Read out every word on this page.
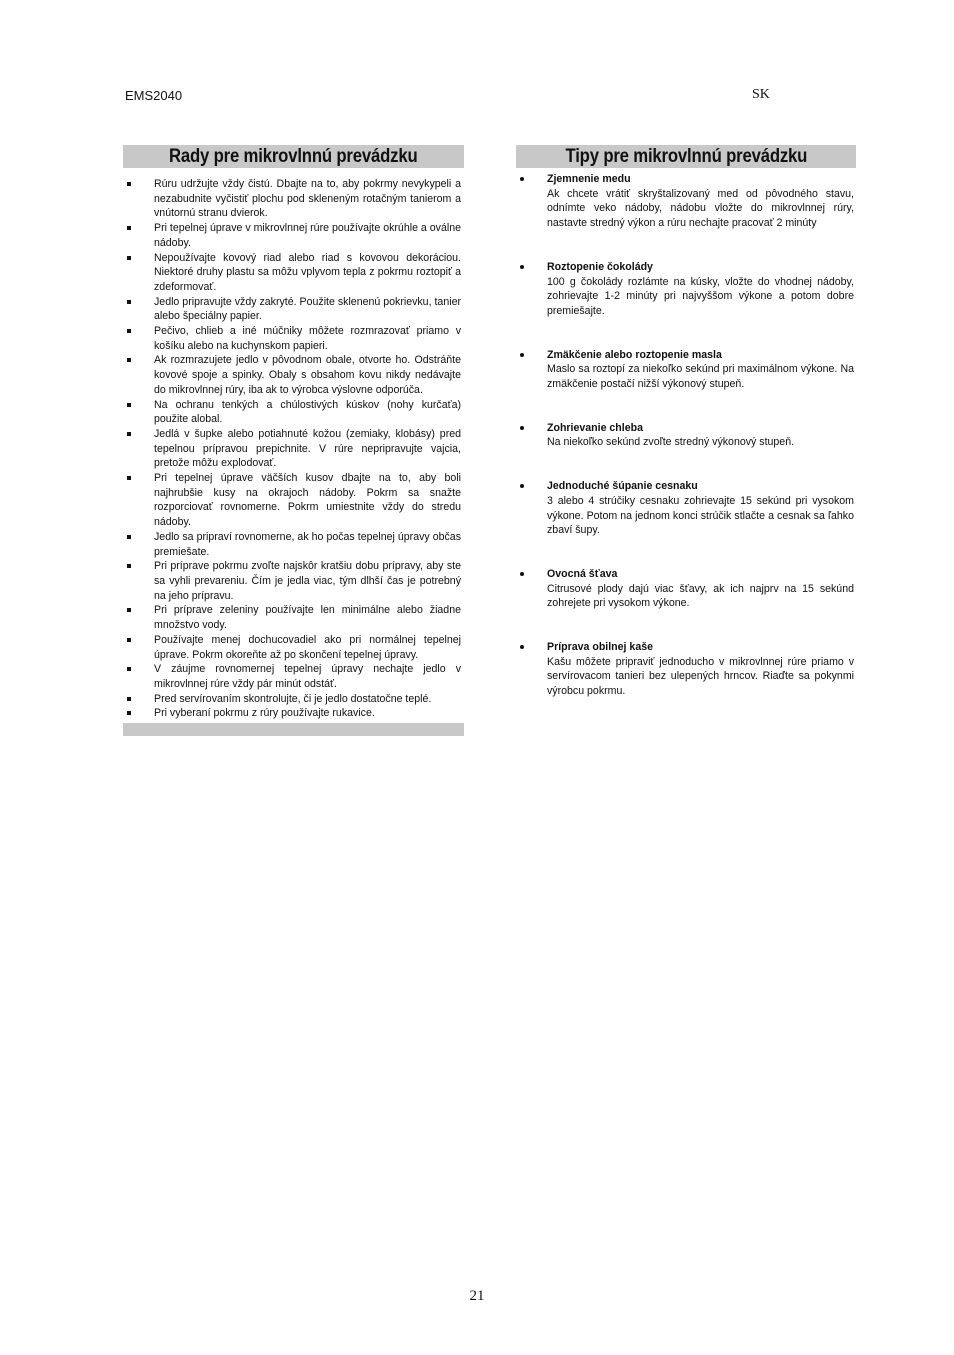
EMS2040	SK
Rady pre mikrovlnnú prevádzku
Rúru udržujte vždy čistú. Dbajte na to, aby pokrmy nevykypeli a nezabudnite vyčistiť plochu pod skleneným rotačným tanierom a vnútornú stranu dvierok.
Pri tepelnej úprave v mikrovlnnej rúre používajte okrúhle a oválne nádoby.
Nepoužívajte kovový riad alebo riad s kovovou dekoráciou. Niektoré druhy plastu sa môžu vplyvom tepla z pokrmu roztopiť a zdeformovať.
Jedlo pripravujte vždy zakryté. Použite sklenenú pokrievku, tanier alebo špeciálny papier.
Pečivo, chlieb a iné múčniky môžete rozmrazovať priamo v košíku alebo na kuchynskom papieri.
Ak rozmrazujete jedlo v pôvodnom obale, otvorte ho. Odstráňte kovové spoje a spinky. Obaly s obsahom kovu nikdy nedávajte do mikrovlnnej rúry, iba ak to výrobca výslovne odporúča.
Na ochranu tenkých a chúlostivých kúskov (nohy kurčaťa) použite alobal.
Jedlá v šupke alebo potiahnuté kožou (zemiaky, klobásy) pred tepelnou prípravou prepichnite. V rúre nepripravujte vajcia, pretože môžu explodovať.
Pri tepelnej úprave väčších kusov dbajte na to, aby boli najhrubšie kusy na okrajoch nádoby. Pokrm sa snažte rozporciovať rovnomerne. Pokrm umiestnite vždy do stredu nádoby.
Jedlo sa pripraví rovnomerne, ak ho počas tepelnej úpravy občas premiešate.
Pri príprave pokrmu zvoľte najskôr kratšiu dobu prípravy, aby ste sa vyhli prevareniu. Čím je jedla viac, tým dlhší čas je potrebný na jeho prípravu.
Pri príprave zeleniny používajte len minimálne alebo žiadne množstvo vody.
Používajte menej dochucovadiel ako pri normálnej tepelnej úprave. Pokrm okoreňte až po skončení tepelnej úpravy.
V záujme rovnomernej tepelnej úpravy nechajte jedlo v mikrovlnnej rúre vždy pár minút odstáť.
Pred servírovaním skontrolujte, či je jedlo dostatočne teplé.
Pri vyberaní pokrmu z rúry používajte rukavice.
Tipy pre mikrovlnnú prevádzku
Zjemnenie medu
Ak chcete vrátiť skryštalizovaný med od pôvodného stavu, odnímte veko nádoby, nádobu vložte do mikrovlnnej rúry, nastavte stredný výkon a rúru nechajte pracovať 2 minúty
Roztopenie čokolády
100 g čokolády rozlámte na kúsky, vložte do vhodnej nádoby, zohrievajte 1-2 minúty pri najvyššom výkone a potom dobre premiešajte.
Zmäkčenie alebo roztopenie masla
Maslo sa roztopí za niekoľko sekúnd pri maximálnom výkone. Na zmäkčenie postačí nižší výkonový stupeň.
Zohrievanie chleba
Na niekoľko sekúnd zvoľte stredný výkonový stupeň.
Jednoduché šúpanie cesnaku
3 alebo 4 strúčiky cesnaku zohrievajte 15 sekúnd pri vysokom výkone. Potom na jednom konci strúčik stlačte a cesnak sa ľahko zbaví šupy.
Ovocná šťava
Citrusové plody dajú viac šťavy, ak ich najprv na 15 sekúnd zohrejete pri vysokom výkone.
Príprava obilnej kaše
Kašu môžete pripraviť jednoducho v mikrovlnnej rúre priamo v servírovacom tanieri bez ulepených hrncov. Riaďte sa pokynmi výrobcu pokrmu.
21
